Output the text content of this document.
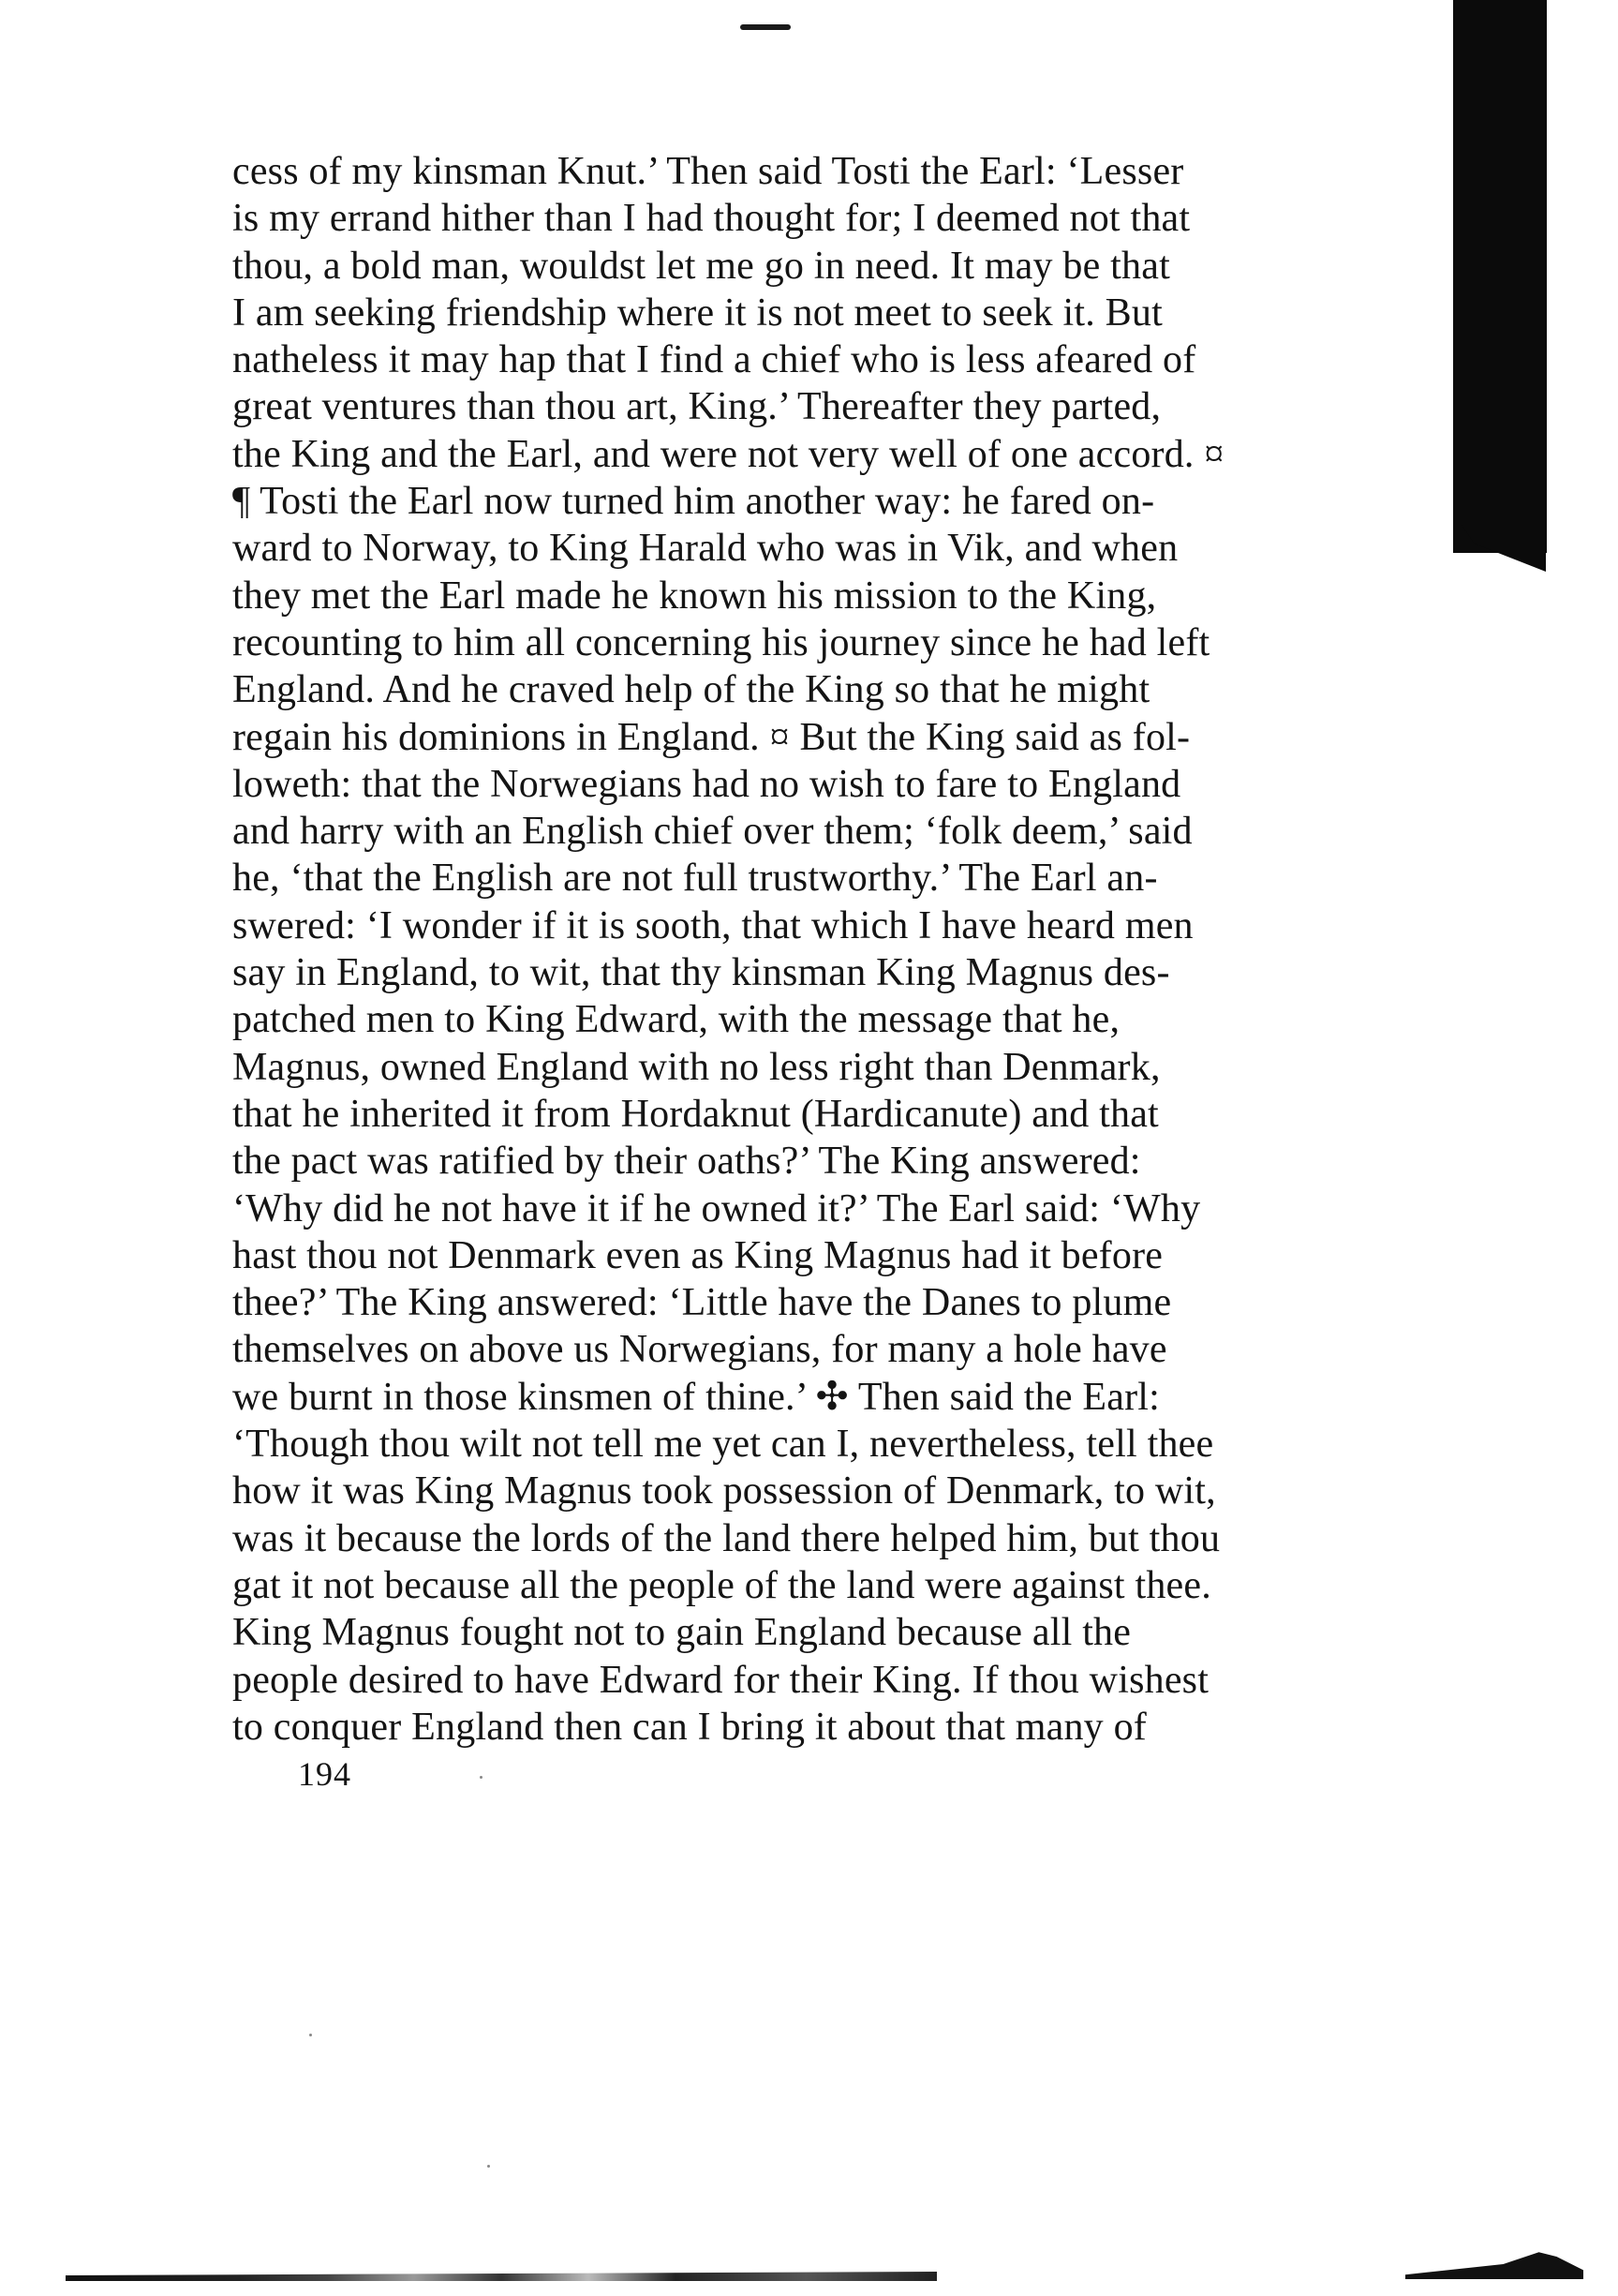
cess of my kinsman Knut.’ Then said Tosti the Earl: ‘Lesser
is my errand hither than I had thought for; I deemed not that
thou, a bold man, wouldst let me go in need. It may be that
I am seeking friendship where it is not meet to seek it. But
natheless it may hap that I find a chief who is less afeared of
great ventures than thou art, King.’ Thereafter they parted,
the King and the Earl, and were not very well of one accord. ¤
¶ Tosti the Earl now turned him another way: he fared on-
ward to Norway, to King Harald who was in Vik, and when
they met the Earl made he known his mission to the King,
recounting to him all concerning his journey since he had left
England. And he craved help of the King so that he might
regain his dominions in England. ¤ But the King said as fol-
loweth: that the Norwegians had no wish to fare to England
and harry with an English chief over them; ‘folk deem,’ said
he, ‘that the English are not full trustworthy.’ The Earl an-
swered: ‘I wonder if it is sooth, that which I have heard men
say in England, to wit, that thy kinsman King Magnus des-
patched men to King Edward, with the message that he,
Magnus, owned England with no less right than Denmark,
that he inherited it from Hordaknut (Hardicanute) and that
the pact was ratified by their oaths?’ The King answered:
‘Why did he not have it if he owned it?’ The Earl said: ‘Why
hast thou not Denmark even as King Magnus had it before
thee?’ The King answered: ‘Little have the Danes to plume
themselves on above us Norwegians, for many a hole have
we burnt in those kinsmen of thine.’ ✣ Then said the Earl:
‘Though thou wilt not tell me yet can I, nevertheless, tell thee
how it was King Magnus took possession of Denmark, to wit,
was it because the lords of the land there helped him, but thou
gat it not because all the people of the land were against thee.
King Magnus fought not to gain England because all the
people desired to have Edward for their King. If thou wishest
to conquer England then can I bring it about that many of
194
